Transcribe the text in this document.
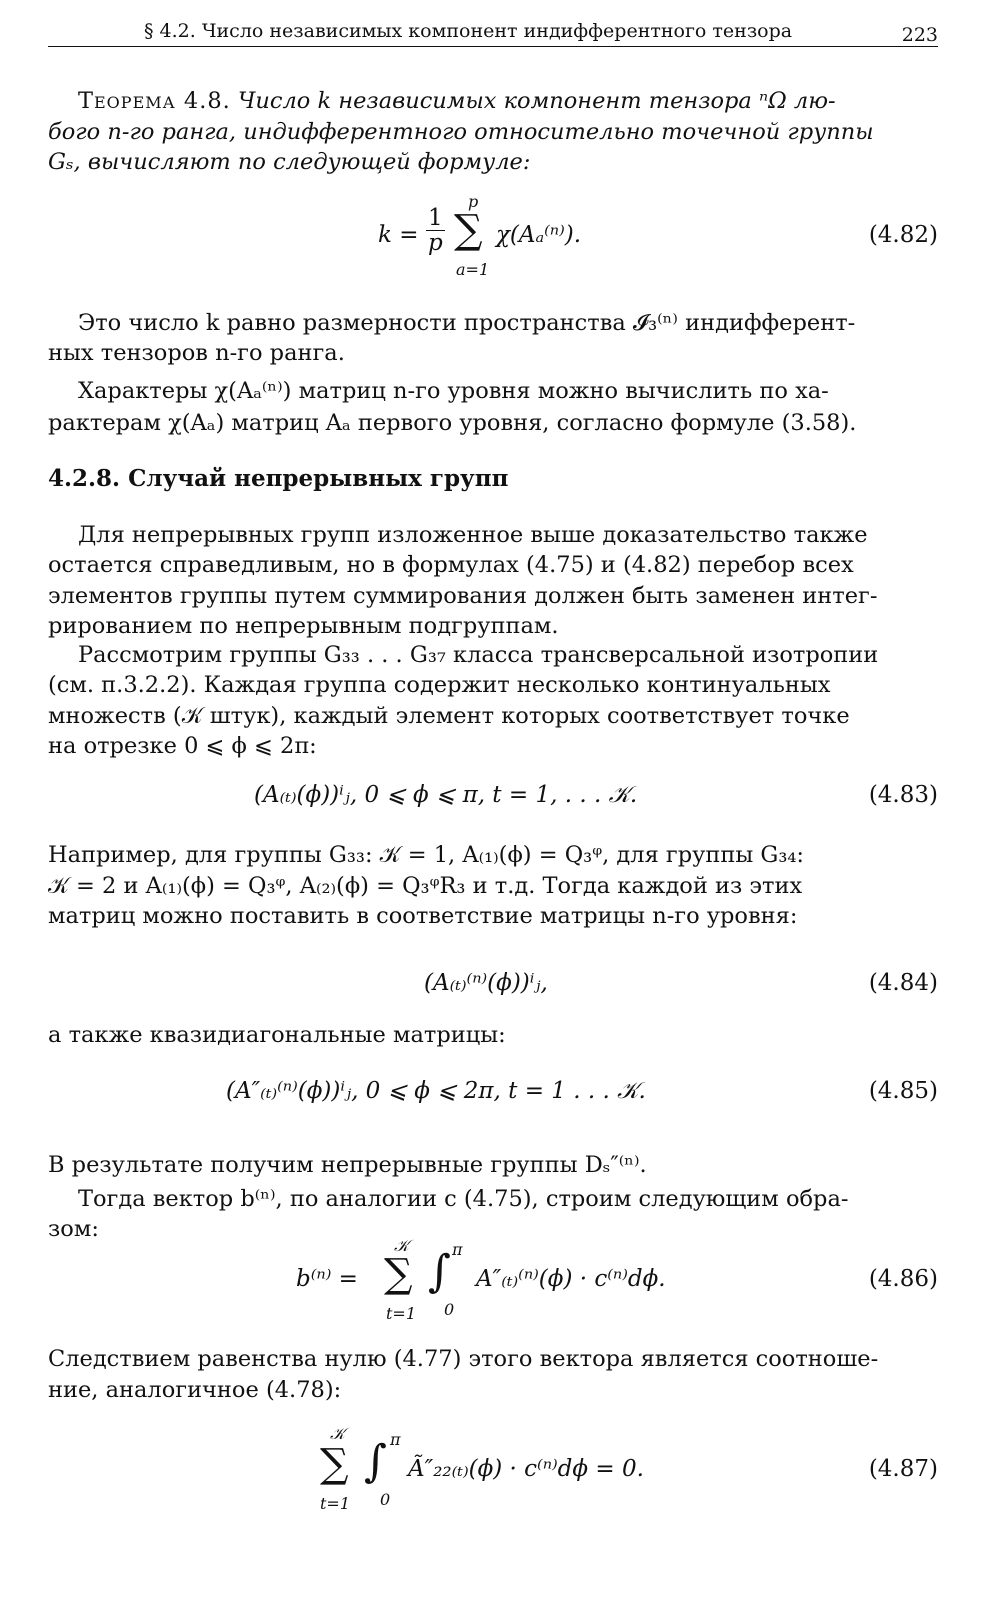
§ 4.2. Число независимых компонент индифферентного тензора	223
Теорема 4.8. Число k независимых компонент тензора ⁿΩ лю-
бого n-го ранга, индифферентного относительно точечной группы
Gₛ, вычисляют по следующей формуле:
$k = \frac{1}{p}$
p
∑
a=1
χ(Aₐ⁽ⁿ⁾).	(4.82)
Это число k равно размерности пространства 𝓘₃⁽ⁿ⁾ индифферент-
ных тензоров n-го ранга.
Характеры χ(Aₐ⁽ⁿ⁾) матриц n-го уровня можно вычислить по ха-
рактерам χ(Aₐ) матриц Aₐ первого уровня, согласно формуле (3.58).
4.2.8. Случай непрерывных групп
Для непрерывных групп изложенное выше доказательство также
остается справедливым, но в формулах (4.75) и (4.82) перебор всех
элементов группы путем суммирования должен быть заменен интег-
рированием по непрерывным подгруппам.
Рассмотрим группы G₃₃ . . . G₃₇ класса трансверсальной изотропии
(см. п.3.2.2). Каждая группа содержит несколько континуальных
множеств (𝒦 штук), каждый элемент которых соответствует точке
на отрезке 0 ⩽ ϕ ⩽ 2π:
(A₍ₜ₎(ϕ))ⁱⱼ, 0 ⩽ ϕ ⩽ π, t = 1, . . . 𝒦.	(4.83)
Например, для группы G₃₃: 𝒦 = 1, A₍₁₎(ϕ) = Q₃ᵠ, для группы G₃₄:
𝒦 = 2 и A₍₁₎(ϕ) = Q₃ᵠ, A₍₂₎(ϕ) = Q₃ᵠR₃ и т.д. Тогда каждой из этих
матриц можно поставить в соответствие матрицы n-го уровня:
(A₍ₜ₎⁽ⁿ⁾(ϕ))ⁱⱼ,	(4.84)
а также квазидиагональные матрицы:
(A″₍ₜ₎⁽ⁿ⁾(ϕ))ⁱⱼ, 0 ⩽ ϕ ⩽ 2π, t = 1 . . . 𝒦.	(4.85)
В результате получим непрерывные группы Dₛ″⁽ⁿ⁾.
Тогда вектор b⁽ⁿ⁾, по аналогии с (4.75), строим следующим обра-
зом:
b⁽ⁿ⁾ =
𝒦
∑
t=1
∫ π
0
A″₍ₜ₎⁽ⁿ⁾(ϕ) · c⁽ⁿ⁾dϕ.	(4.86)
Следствием равенства нулю (4.77) этого вектора является соотноше-
ние, аналогичное (4.78):
𝒦
∑
t=1
∫ π
0
Ã″₂₂₍ₜ₎(ϕ) · c⁽ⁿ⁾dϕ = 0.	(4.87)
